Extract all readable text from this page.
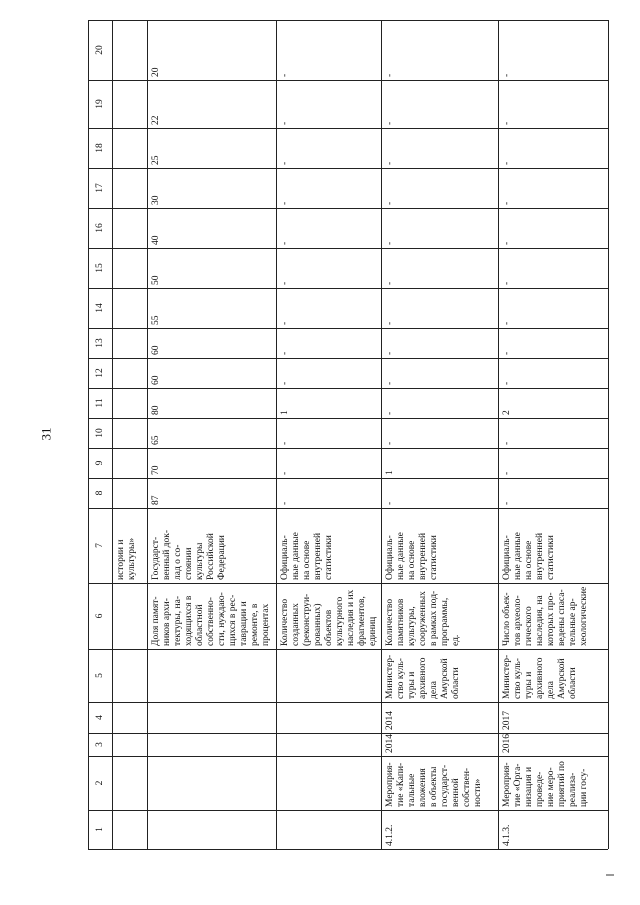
31
1
2
3
4
5
6
7
8
9
10
11
12
13
14
15
16
17
18
19
20
истории и
культуры»
Доля памят-
ников архи-
тектуры, на-
ходящихся в
областной
собственно-
сти, нуждаю-
щихся в рес-
таврации и
ремонте, в
процентах
Государст-
венный док-
лад о со-
стоянии
культуры
Российской
Федерации
87
70
65
80
60
60
55
50
40
30
25
22
20
Количество
созданных
(реконструи-
рованных)
объектов
культурного
наследия и их
фрагментов,
единиц
Официаль-
ные данные
на основе
внутренней
статистики
-
-
-
1
-
-
-
-
-
-
-
-
-
4.1.2.
Мероприя-
тие «Капи-
тальные
вложения
в объекты
государст-
венной
собствен-
ности»
2014
2014
Министер-
ство куль-
туры и
архивного
дела
Амурской
области
Количество
памятников
культуры,
сооруженных
в рамках под-
программы,
ед.
Официаль-
ные данные
на основе
внутренней
статистики
-
1
-
-
-
-
-
-
-
-
-
-
-
4.1.3.
Мероприя-
тие «Орга-
низация и
проведе-
ние меро-
приятий по
реализа-
ции госу-
2016
2017
Министер-
ство куль-
туры и
архивного
дела
Амурской
области
Число объек-
тов археоло-
гического
наследия, на
которых про-
ведены спаса-
тельные ар-
хеологические
Официаль-
ные данные
на основе
внутренней
статистики
-
-
-
2
-
-
-
-
-
-
-
-
-
